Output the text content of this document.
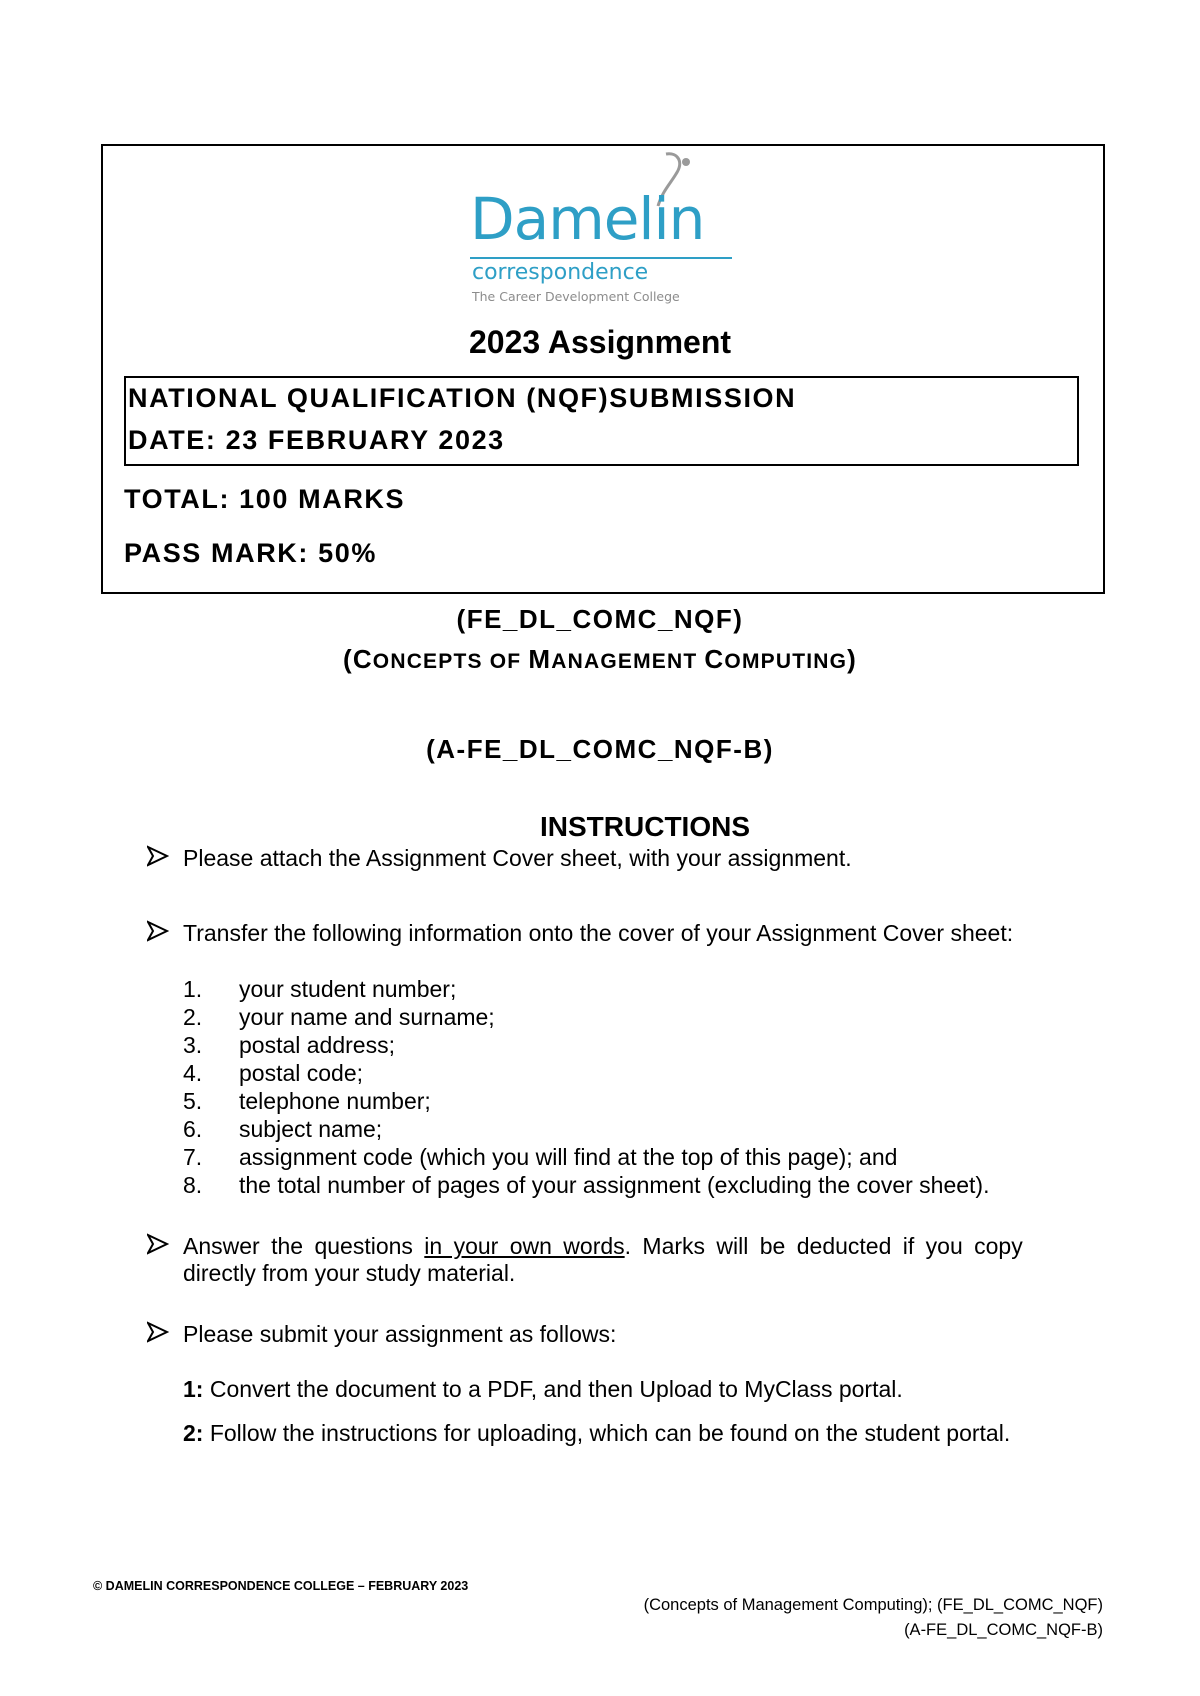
Damelin
correspondence
The Career Development College
2023 Assignment
NATIONAL QUALIFICATION (NQF)SUBMISSION
DATE: 23 FEBRUARY 2023
TOTAL: 100 MARKS
PASS MARK: 50%
(FE_DL_COMC_NQF)
(CONCEPTS OF MANAGEMENT COMPUTING)
(A-FE_DL_COMC_NQF-B)
INSTRUCTIONS
Please attach the Assignment Cover sheet, with your assignment.
Transfer the following information onto the cover of your Assignment Cover sheet:
1. your student number;
2. your name and surname;
3. postal address;
4. postal code;
5. telephone number;
6. subject name;
7. assignment code (which you will find at the top of this page); and
8. the total number of pages of your assignment (excluding the cover sheet).
Answer the questions in your own words. Marks will be deducted if you copy
directly from your study material.
Please submit your assignment as follows:
1: Convert the document to a PDF, and then Upload to MyClass portal.
2: Follow the instructions for uploading, which can be found on the student portal.
© DAMELIN CORRESPONDENCE COLLEGE – FEBRUARY 2023
(Concepts of Management Computing); (FE_DL_COMC_NQF)
(A-FE_DL_COMC_NQF-B)
